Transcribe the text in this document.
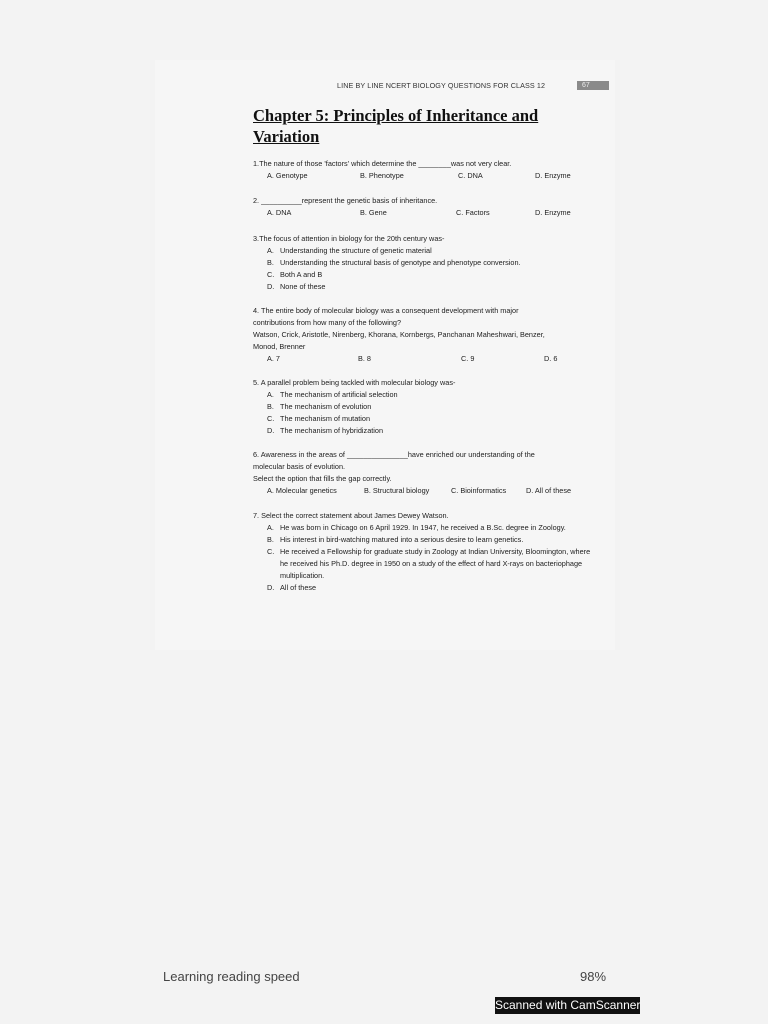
LINE BY LINE NCERT BIOLOGY QUESTIONS FOR CLASS 12	67
Chapter 5: Principles of Inheritance and Variation
1.The nature of those 'factors' which determine the ________was not very clear.
A. Genotype	B. Phenotype	C. DNA	D. Enzyme
2. __________represent the genetic basis of inheritance.
A. DNA	B. Gene	C. Factors	D. Enzyme
3.The focus of attention in biology for the 20th century was-
A. Understanding the structure of genetic material
B. Understanding the structural basis of genotype and phenotype conversion.
C. Both A and B
D. None of these
4. The entire body of molecular biology was a consequent development with major
contributions from how many of the following?
Watson, Crick, Aristotle, Nirenberg, Khorana, Kornbergs, Panchanan Maheshwari, Benzer,
Monod, Brenner
A. 7	B. 8	C. 9	D. 6
5. A parallel problem being tackled with molecular biology was-
A. The mechanism of artificial selection
B. The mechanism of evolution
C. The mechanism of mutation
D. The mechanism of hybridization
6. Awareness in the areas of _______________have enriched our understanding of the
molecular basis of evolution.
Select the option that fills the gap correctly.
A. Molecular genetics	B. Structural biology	C. Bioinformatics	D. All of these
7. Select the correct statement about James Dewey Watson.
A. He was born in Chicago on 6 April 1929. In 1947, he received a B.Sc. degree in Zoology.
B. His interest in bird-watching matured into a serious desire to learn genetics.
C. He received a Fellowship for graduate study in Zoology at Indian University, Bloomington, where he received his Ph.D. degree in 1950 on a study of the effect of hard X-rays on bacteriophage multiplication.
D. All of these
Learning reading speed	98%
Scanned with CamScanner
